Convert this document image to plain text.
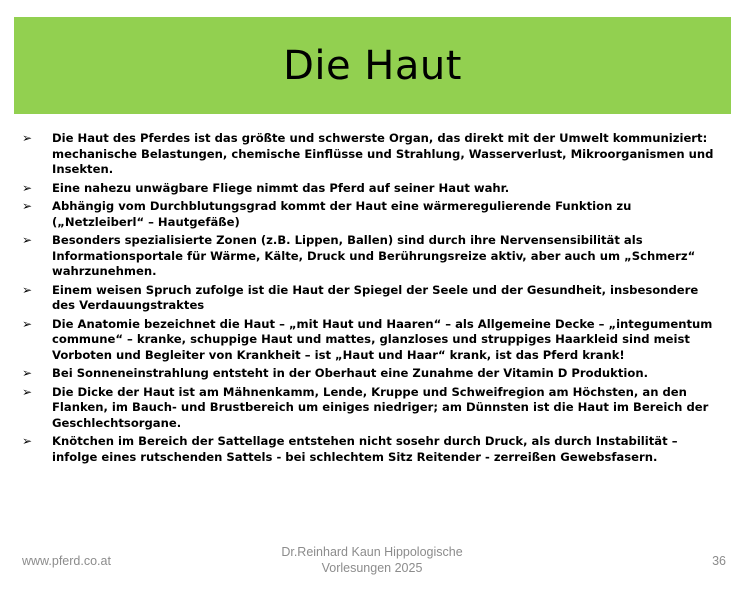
Die Haut
➢	Die Haut des Pferdes ist das größte und schwerste Organ, das direkt mit der Umwelt kommuniziert: mechanische Belastungen, chemische Einflüsse und Strahlung, Wasserverlust, Mikroorganismen und Insekten.
➢	Eine nahezu unwägbare Fliege nimmt das Pferd auf seiner Haut wahr.
➢	Abhängig vom Durchblutungsgrad kommt der Haut eine wärmeregulierende Funktion zu („Netzleiberl“ – Hautgefäße)
➢	Besonders spezialisierte Zonen (z.B. Lippen, Ballen) sind durch ihre Nervensensibilität als Informationsportale für Wärme, Kälte, Druck und Berührungsreize aktiv, aber auch um „Schmerz“ wahrzunehmen.
➢	Einem weisen Spruch zufolge ist die Haut der Spiegel der Seele und der Gesundheit, insbesondere des Verdauungstraktes
➢	Die Anatomie bezeichnet die Haut – „mit Haut und Haaren“ – als Allgemeine Decke – „integumentum commune“ – kranke, schuppige Haut und mattes, glanzloses und struppiges Haarkleid sind meist Vorboten und Begleiter von Krankheit – ist „Haut und Haar“ krank, ist das Pferd krank!
➢	Bei Sonneneinstrahlung entsteht in der Oberhaut eine Zunahme der Vitamin D Produktion.
➢	Die Dicke der Haut ist am Mähnenkamm, Lende, Kruppe und Schweifregion am Höchsten, an den Flanken, im Bauch- und Brustbereich um einiges niedriger; am Dünnsten ist die Haut im Bereich der Geschlechtsorgane.
➢	Knötchen im Bereich der Sattellage entstehen nicht sosehr durch Druck, als durch Instabilität – infolge eines rutschenden Sattels - bei schlechtem Sitz Reitender - zerreißen Gewebsfasern.
www.pferd.co.at
Dr.Reinhard Kaun Hippologische
Vorlesungen 2025	36
